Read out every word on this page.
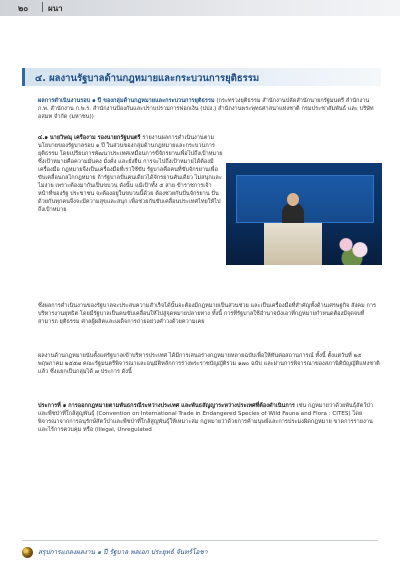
๒๐ ผนา
๔. ผลงานรัฐบาลด้านกฎหมายและกระบวนการยุติธรรม
ผลการดำเนินงานรอบ ๑ ปี ของกลุ่มด้านกฎหมายและกระบวนการยุติธรรม (กระทรวงยุติธรรม สำนักงานปลัดสำนักนายกรัฐมนตรี สำนักงาน ก.พ. สำนักงาน ก.พ.ร. สำนักงานป้องกันและปราบปรามการฟอกเงิน (ปปง.) สำนักงานพระพุทธศาสนาแห่งชาติ กรมประชาสัมพันธ์ และ บริษัท อสมท จำกัด (มหาชน))
๔.๑ นายวิษณุ เครืองาม รองนายกรัฐมนตรี รายงานผลการดำเนินงานตามนโยบายของรัฐบาลรอบ ๑ ปี ในส่วนของกลุ่มด้านกฎหมายและกระบวนการยุติธรรม โดยเปรียบการพัฒนาประเทศเหมือนการขี่จักรยานเพื่อไปถึงเป้าหมาย ซึ่งเป้าหมายคือความมั่นคง มั่งคั่ง และยั่งยืน การจะไปถึงเป้าหมายได้ต้องมีเครื่องมือ กฎหมายจึงเป็นเครื่องมือที่เราใช้ขับ รัฐบาลคือคนที่ขับจักรยานเพื่อขับเคลื่อนกลไกกฎหมาย ถ้ารัฐบาลปั่นคนเดียวได้จักรยานคันเดียว ไม่สนุกและไม่ง่าย เพราะต้องมากันเป็นขบวน ดังนั้น แม้เป้าทั้ง ๕ สาย ข้าราชการเจ้าหน้าที่ของรัฐ ประชาชน จะต้องอยู่ในขบวนนี้ด้วย ต้องช่วยกันปั่นจักรยาน ปั่นด้วยกันทุกคนจึงจะมีความสุขและสนุก เพื่อช่วยกันขับเคลื่อนประเทศไทยให้ไปถึงเป้าหมาย
ซึ่งผลการดำเนินงานของรัฐบาลจะประสบความสำเร็จได้นั้นจะต้องมีกฎหมายเป็นส่วนช่วย และเป็นเครื่องมือที่สำคัญทั้งด้านเศรษฐกิจ สังคม การบริหารงานยุทธิต โดยมีรัฐบาลเป็นคนขับเคลื่อนให้ไปสู่จุดหมายปลายทาง ทั้งนี้ การที่รัฐบาลใช้อำนาจบังเอาที่กฎหมายกำหนดต้องมีจุดจบที่สามารถ ยุติธรรม ศาลผู้ผลิตและเผด็จการถ่ายอย่างคำวงด้วยความเคย
ผลงานด้านกฎหมายนับตั้งแต่รัฐบาลเข้าบริหารประเทศ ได้มีการเสนอร่างกฎหมายหลายฉบับเพื่อให้ทันต่อสถานการณ์ ทั้งนี้ ตั้งแต่วันที่ ๒๕ พฤษภาคม ๒๕๕๗ คณะรัฐมนตรีพิจารณาและอนุมัติหลักการร่างพระราชบัญญัติรวม ๑๗๐ ฉบับ และผ่านการพิจารณาของสภานิติบัญญัติแห่งชาติแล้ว ซึ่งแยกเป็นกลุ่มได้ ๗ ประการ ดังนี้
ประการที่ ๑ การออกกฎหมายตามพันธกรณีระหว่างประเทศ และพันธสัญญาระหว่างประเทศที่ต้องดำเนินการ เช่น กฎหมายว่าด้วยพันธุ์สัตว์ป่าและพืชป่าที่ใกล้สูญพันธุ์ (Convention on International Trade in Endangered Species of Wild Fauna and Flora : CITES) โดยพิจารณาจากการอนุรักษ์สัตว์ป่าและพืชป่าที่ใกล้สูญพันธุ์ให้เหมาะสม กฎหมายว่าด้วยการค้ามนุษย์และการประมงผิดกฎหมาย ขาดการรายงาน และไร้การควบคุม หรือ (Illegal, Unregulated
สรุปการแถลงผลงาน ๑ ปี รัฐบาล พลเอก ประยุทธ์ จันทร์โอชา
